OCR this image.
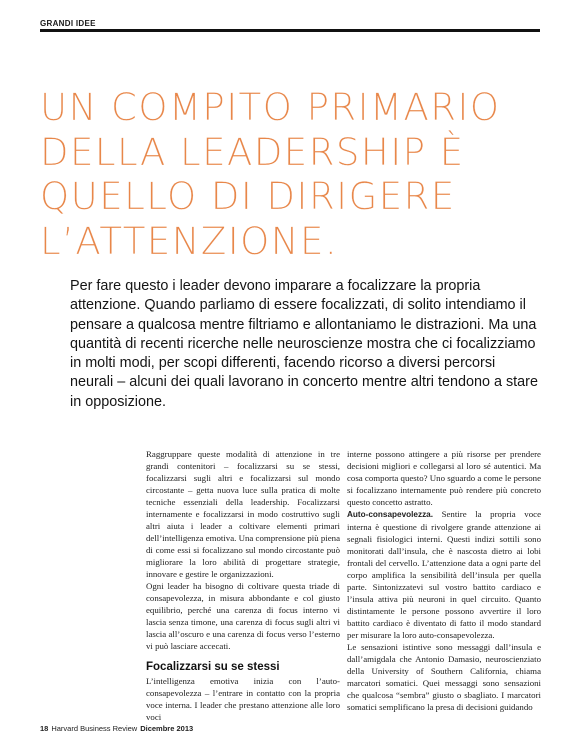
GRANDI IDEE
UN COMPITO PRIMARIO
DELLA LEADERSHIP È
QUELLO DI DIRIGERE
L’ATTENZIONE.
Per fare questo i leader devono imparare a focalizzare la propria attenzione. Quando parliamo di essere focalizzati, di solito intendiamo il pensare a qualcosa mentre filtriamo e allontaniamo le distrazioni. Ma una quantità di recenti ricerche nelle neuroscienze mostra che ci focalizziamo in molti modi, per scopi differenti, facendo ricorso a diversi percorsi neurali – alcuni dei quali lavorano in concerto mentre altri tendono a stare in opposizione.

Raggruppare queste modalità di attenzione in tre grandi contenitori – focalizzarsi su se stessi, focalizzarsi sugli altri e focalizzarsi sul mondo circostante – getta nuova luce sulla pratica di molte tecniche essenziali della leadership. Focalizzarsi internamente e focalizzarsi in modo costruttivo sugli altri aiuta i leader a coltivare elementi primari dell’intelligenza emotiva. Una comprensione più piena di come essi si focalizzano sul mondo circostante può migliorare la loro abilità di progettare strategie, innovare e gestire le organizzazioni.

Ogni leader ha bisogno di coltivare questa triade di consapevolezza, in misura abbondante e col giusto equilibrio, perché una carenza di focus interno vi lascia senza timone, una carenza di focus sugli altri vi lascia all’oscuro e una carenza di focus verso l’esterno vi può lasciare accecati.

Focalizzarsi su se stessi

L’intelligenza emotiva inizia con l’auto-consapevolezza – l’entrare in contatto con la propria voce interna. I leader che prestano attenzione alle loro voci

interne possono attingere a più risorse per prendere decisioni migliori e collegarsi al loro sé autentici. Ma cosa comporta questo? Uno sguardo a come le persone si focalizzano internamente può rendere più concreto questo concetto astratto.

Auto-consapevolezza. Sentire la propria voce interna è questione di rivolgere grande attenzione ai segnali fisiologici interni. Questi indizi sottili sono monitorati dall’insula, che è nascosta dietro ai lobi frontali del cervello. L’attenzione data a ogni parte del corpo amplifica la sensibilità dell’insula per quella parte. Sintonizzatevi sul vostro battito cardiaco e l’insula attiva più neuroni in quel circuito. Quanto distintamente le persone possono avvertire il loro battito cardiaco è diventato di fatto il modo standard per misurare la loro auto-consapevolezza.

Le sensazioni istintive sono messaggi dall’insula e dall’amigdala che Antonio Damasio, neuroscienziato della University of Southern California, chiama marcatori somatici. Quei messaggi sono sensazioni che qualcosa “sembra” giusto o sbagliato. I marcatori somatici semplificano la presa di decisioni guidando

18 Harvard Business Review Dicembre 2013
